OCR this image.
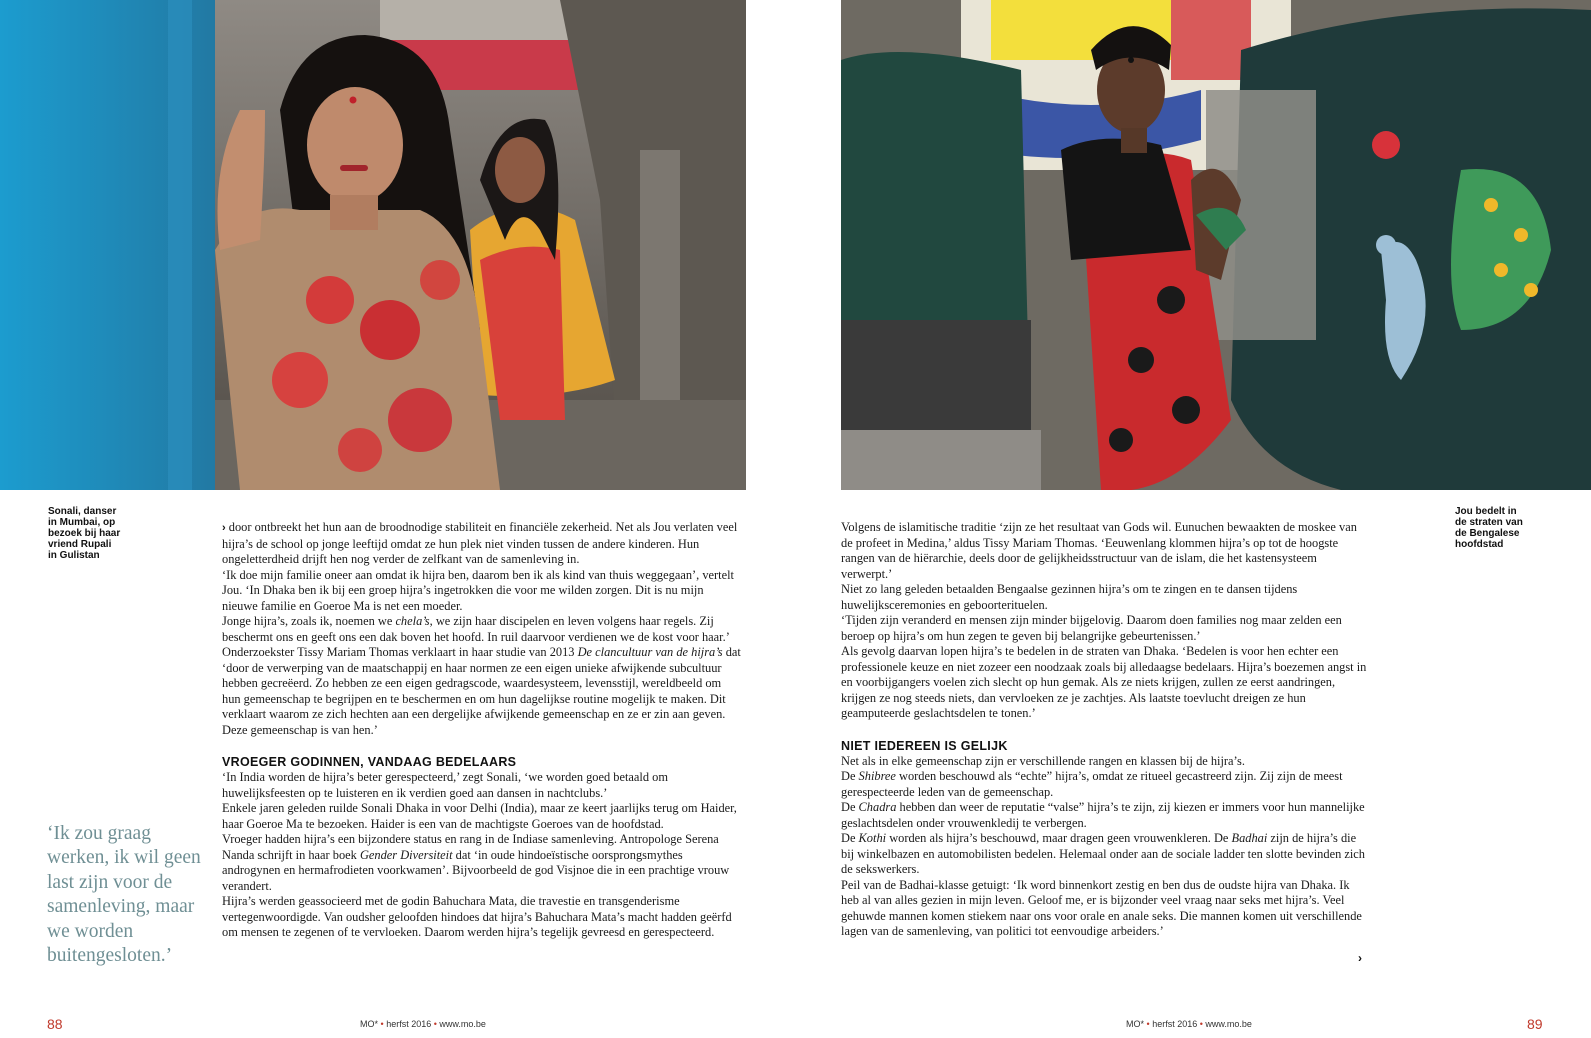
Sonali, danser
in Mumbai, op
bezoek bij haar
vriend Rupali
in Gulistan
Jou bedelt in
de straten van
de Bengalese
hoofdstad
‘Ik zou graag werken, ik wil geen last zijn voor de samenleving, maar we worden buitengesloten.’

› door ontbreekt het hun aan de broodnodige stabiliteit en financiële zekerheid. Net als Jou verlaten veel hijra’s de school op jonge leeftijd omdat ze hun plek niet vinden tussen de andere kinderen. Hun ongeletterdheid drijft hen nog verder de zelfkant van de samenleving in.

‘Ik doe mijn familie oneer aan omdat ik hijra ben, daarom ben ik als kind van thuis weggegaan’, vertelt Jou. ‘In Dhaka ben ik bij een groep hijra’s ingetrokken die voor me wilden zorgen. Dit is nu mijn nieuwe familie en Goeroe Ma is net een moeder.

Jonge hijra’s, zoals ik, noemen we chela’s, we zijn haar discipelen en leven volgens haar regels. Zij beschermt ons en geeft ons een dak boven het hoofd. In ruil daarvoor verdienen we de kost voor haar.’

Onderzoekster Tissy Mariam Thomas verklaart in haar studie van 2013 De clancultuur van de hijra’s dat ‘door de verwerping van de maatschappij en haar normen ze een eigen unieke afwijkende subcultuur hebben gecreëerd. Zo hebben ze een eigen gedragscode, waardesysteem, levensstijl, wereldbeeld om hun gemeenschap te begrijpen en te beschermen en om hun dagelijkse routine mogelijk te maken. Dit verklaart waarom ze zich hechten aan een dergelijke afwijkende gemeenschap en ze er zin aan geven. Deze gemeenschap is van hen.’

VROEGER GODINNEN, VANDAAG BEDELAARS

‘In India worden de hijra’s beter gerespecteerd,’ zegt Sonali, ‘we worden goed betaald om huwelijksfeesten op te luisteren en ik verdien goed aan dansen in nachtclubs.’

Enkele jaren geleden ruilde Sonali Dhaka in voor Delhi (India), maar ze keert jaarlijks terug om Haider, haar Goeroe Ma te bezoeken. Haider is een van de machtigste Goeroes van de hoofdstad.

Vroeger hadden hijra’s een bijzondere status en rang in de Indiase samenleving. Antropologe Serena Nanda schrijft in haar boek Gender Diversiteit dat ‘in oude hindoeïstische oorsprongsmythes androgynen en hermafrodieten voorkwamen’. Bijvoorbeeld de god Visjnoe die in een prachtige vrouw verandert.

Hijra’s werden geassocieerd met de godin Bahuchara Mata, die travestie en transgenderisme vertegenwoordigde. Van oudsher geloofden hindoes dat hijra’s Bahuchara Mata’s macht hadden geërfd om mensen te zegenen of te vervloeken. Daarom werden hijra’s tegelijk gevreesd en gerespecteerd.

Volgens de islamitische traditie ‘zijn ze het resultaat van Gods wil. Eunuchen bewaakten de moskee van de profeet in Medina,’ aldus Tissy Mariam Thomas. ‘Eeuwenlang klommen hijra’s op tot de hoogste rangen van de hiërarchie, deels door de gelijkheidsstructuur van de islam, die het kastensysteem verwerpt.’

Niet zo lang geleden betaalden Bengaalse gezinnen hijra’s om te zingen en te dansen tijdens huwelijksceremonies en geboorterituelen.

‘Tijden zijn veranderd en mensen zijn minder bijgelovig. Daarom doen families nog maar zelden een beroep op hijra’s om hun zegen te geven bij belangrijke gebeurtenissen.’

Als gevolg daarvan lopen hijra’s te bedelen in de straten van Dhaka. ‘Bedelen is voor hen echter een professionele keuze en niet zozeer een noodzaak zoals bij alledaagse bedelaars. Hijra’s boezemen angst in en voorbijgangers voelen zich slecht op hun gemak. Als ze niets krijgen, zullen ze eerst aandringen, krijgen ze nog steeds niets, dan vervloeken ze je zachtjes. Als laatste toevlucht dreigen ze hun geamputeerde geslachtsdelen te tonen.’

NIET IEDEREEN IS GELIJK

Net als in elke gemeenschap zijn er verschillende rangen en klassen bij de hijra’s.

De Shibree worden beschouwd als “echte” hijra’s, omdat ze ritueel gecastreerd zijn. Zij zijn de meest gerespecteerde leden van de gemeenschap.

De Chadra hebben dan weer de reputatie “valse” hijra’s te zijn, zij kiezen er immers voor hun mannelijke geslachtsdelen onder vrouwenkledij te verbergen.

De Kothi worden als hijra’s beschouwd, maar dragen geen vrouwenkleren. De Badhai zijn de hijra’s die bij winkelbazen en automobilisten bedelen. Helemaal onder aan de sociale ladder ten slotte bevinden zich de sekswerkers.

Peil van de Badhai-klasse getuigt: ‘Ik word binnenkort zestig en ben dus de oudste hijra van Dhaka. Ik heb al van alles gezien in mijn leven. Geloof me, er is bijzonder veel vraag naar seks met hijra’s. Veel gehuwde mannen komen stiekem naar ons voor orale en anale seks. Die mannen komen uit verschillende lagen van de samenleving, van politici tot eenvoudige arbeiders.’

›
88	MO* • herfst 2016 • www.mo.be	MO* • herfst 2016 • www.mo.be	89
